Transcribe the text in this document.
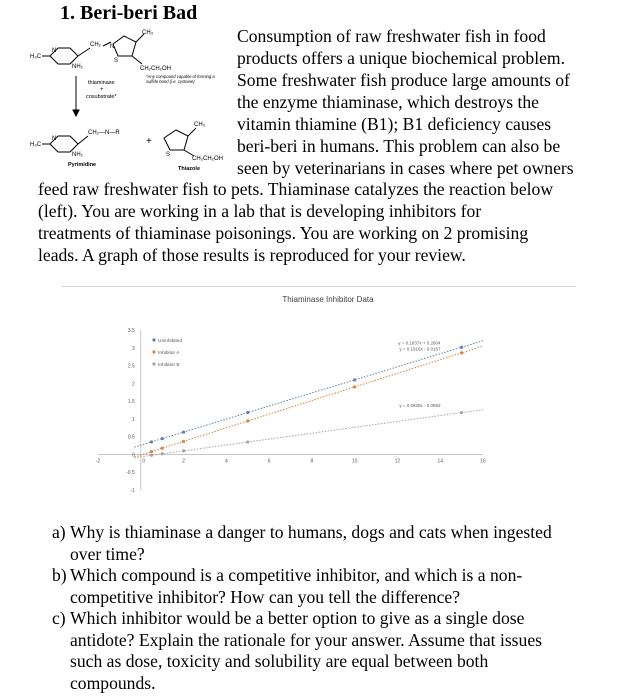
1. Beri-beri Bad
H₃C
N
NH₂
CH₂ N
CH₃
S
CH₂CH₂OH
thiaminase
+
cosubstrate*
H₃C
N
NH₂
CH₂—N—R
+
CH₃
S
CH₂CH₂OH
Pyrimidine
Thiazole
*Any compound capable of forming a sulfide bond (i.e. cysteine)
Consumption of raw freshwater fish in food
products offers a unique biochemical problem.
Some freshwater fish produce large amounts of
the enzyme thiaminase, which destroys the
vitamin thiamine (B1); B1 deficiency causes
beri-beri in humans. This problem can also be
seen by veterinarians in cases where pet owners
feed raw freshwater fish to pets. Thiaminase catalyzes the reaction below
(left). You are working in a lab that is developing inhibitors for
treatments of thiaminase poisonings. You are working on 2 promising
leads. A graph of those results is reproduced for your review.
Thiaminase Inhibitor Data
-1
-0.5
0
0.5
1
1.5
2
2.5
3
3.5
-2	0	2	4	6	8	10	12	14	16
y = 0.1837x + 0.2604
Uninhibited
y = 0.1916x - 0.0167
Inhibitor A
y = 0.0828x - 0.0653
Inhibitor B
a) Why is thiaminase a danger to humans, dogs and cats when ingested
over time?
b) Which compound is a competitive inhibitor, and which is a non-
competitive inhibitor? How can you tell the difference?
c) Which inhibitor would be a better option to give as a single dose
antidote? Explain the rationale for your answer. Assume that issues
such as dose, toxicity and solubility are equal between both
compounds.
